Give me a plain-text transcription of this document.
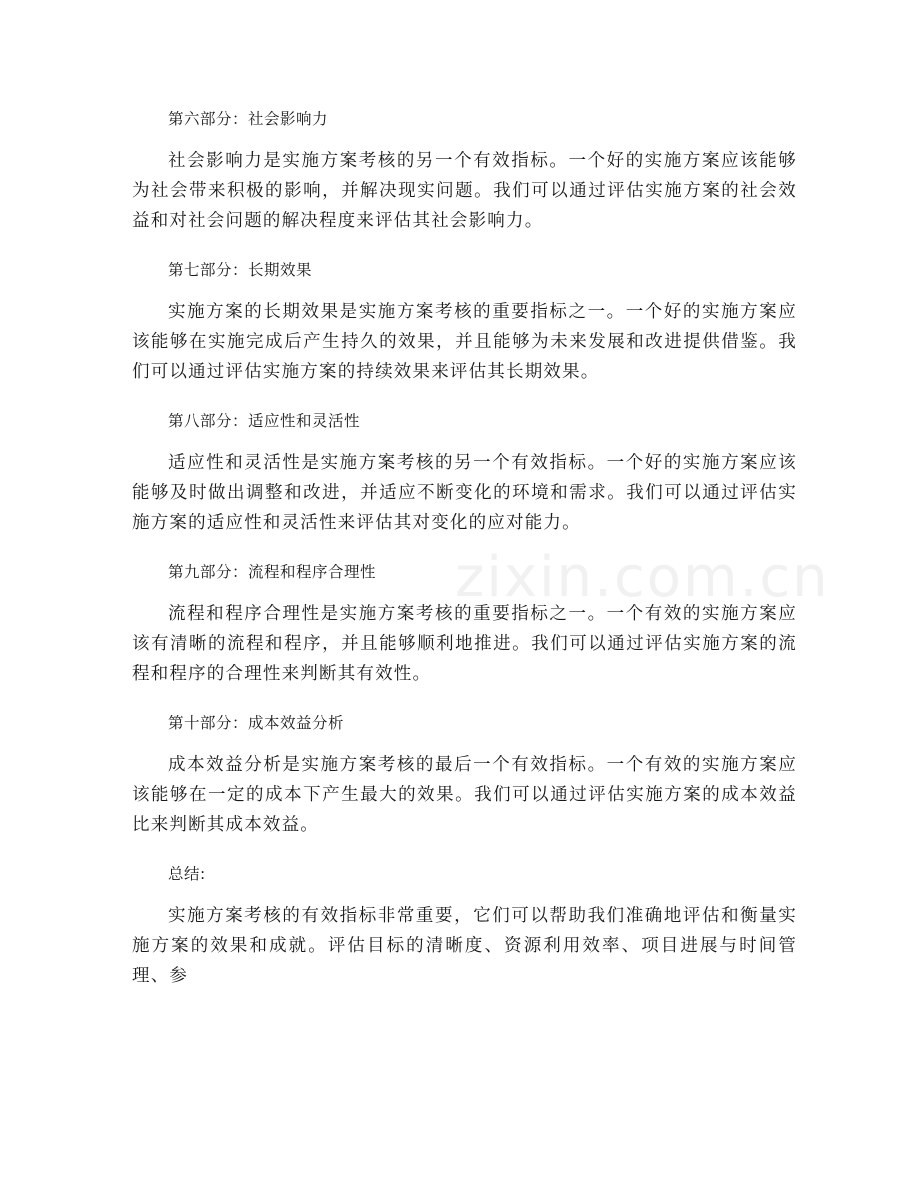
zixin.com.cn
第六部分：社会影响力
社会影响力是实施方案考核的另一个有效指标。一个好的实施方案应该能够为社会带来积极的影响，并解决现实问题。我们可以通过评估实施方案的社会效益和对社会问题的解决程度来评估其社会影响力。
第七部分：长期效果
实施方案的长期效果是实施方案考核的重要指标之一。一个好的实施方案应该能够在实施完成后产生持久的效果，并且能够为未来发展和改进提供借鉴。我们可以通过评估实施方案的持续效果来评估其长期效果。
第八部分：适应性和灵活性
适应性和灵活性是实施方案考核的另一个有效指标。一个好的实施方案应该能够及时做出调整和改进，并适应不断变化的环境和需求。我们可以通过评估实施方案的适应性和灵活性来评估其对变化的应对能力。
第九部分：流程和程序合理性
流程和程序合理性是实施方案考核的重要指标之一。一个有效的实施方案应该有清晰的流程和程序，并且能够顺利地推进。我们可以通过评估实施方案的流程和程序的合理性来判断其有效性。
第十部分：成本效益分析
成本效益分析是实施方案考核的最后一个有效指标。一个有效的实施方案应该能够在一定的成本下产生最大的效果。我们可以通过评估实施方案的成本效益比来判断其成本效益。
总结:
实施方案考核的有效指标非常重要，它们可以帮助我们准确地评估和衡量实施方案的效果和成就。评估目标的清晰度、资源利用效率、项目进展与时间管理、参
